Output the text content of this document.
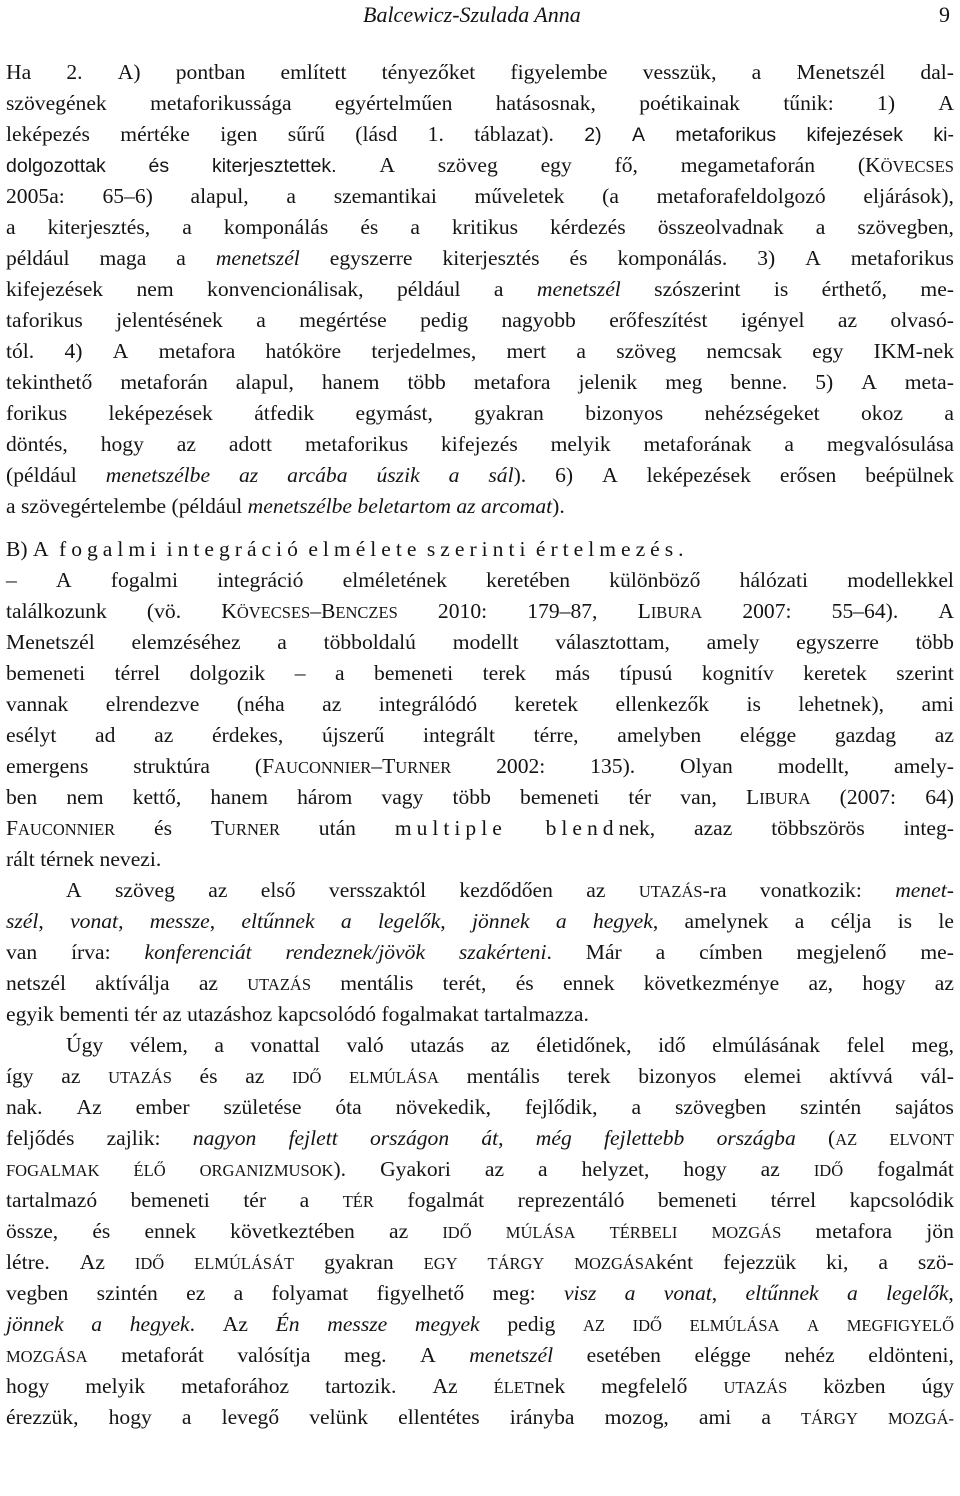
Balcewicz-Szulada Anna	9
Ha 2. A) pontban említett tényezőket figyelembe vesszük, a Menetszél dal-
szövegének metaforikussága egyértelműen hatásosnak, poétikainak tűnik: 1) A
leképezés mértéke igen sűrű (lásd 1. táblazat). 2) A metaforikus kifejezések ki-
dolgozottak és kiterjesztettek. A szöveg egy fő, megametaforán (KÖVECSES
2005a: 65–6) alapul, a szemantikai műveletek (a metaforafeldolgozó eljárások),
a kiterjesztés, a komponálás és a kritikus kérdezés összeolvadnak a szövegben,
például maga a menetszél egyszerre kiterjesztés és komponálás. 3) A metaforikus
kifejezések nem konvencionálisak, például a menetszél szószerint is érthető, me-
taforikus jelentésének a megértése pedig nagyobb erőfeszítést igényel az olvasó-
tól. 4) A metafora hatóköre terjedelmes, mert a szöveg nemcsak egy IKM-nek
tekinthető metaforán alapul, hanem több metafora jelenik meg benne. 5) A meta-
forikus leképezések átfedik egymást, gyakran bizonyos nehézségeket okoz a
döntés, hogy az adott metaforikus kifejezés melyik metaforának a megvalósulása
(például menetszélbe az arcába úszik a sál). 6) A leképezések erősen beépülnek
a szövegértelembe (például menetszélbe beletartom az arcomat).
B) A fogalmi integráció elmélete szerinti értelmezés.
– A fogalmi integráció elméletének keretében különböző hálózati modellekkel
találkozunk (vö. KÖVECSES–BENCZES 2010: 179–87, LIBURA 2007: 55–64). A
Menetszél elemzéséhez a többoldalú modellt választottam, amely egyszerre több
bemeneti térrel dolgozik – a bemeneti terek más típusú kognitív keretek szerint
vannak elrendezve (néha az integrálódó keretek ellenkezők is lehetnek), ami
esélyt ad az érdekes, újszerű integrált térre, amelyben elégge gazdag az
emergens struktúra (FAUCONNIER–TURNER 2002: 135). Olyan modellt, amely-
ben nem kettő, hanem három vagy több bemeneti tér van, LIBURA (2007: 64)
FAUCONNIER és TURNER után multiple blendnek, azaz többszörös integ-
rált térnek nevezi.
A szöveg az első versszaktól kezdődően az UTAZÁS-ra vonatkozik: menet-
szél, vonat, messze, eltűnnek a legelők, jönnek a hegyek, amelynek a célja is le
van írva: konferenciát rendeznek/jövök szakérteni. Már a címben megjelenő me-
netszél aktíválja az UTAZÁS mentális terét, és ennek következménye az, hogy az
egyik bementi tér az utazáshoz kapcsolódó fogalmakat tartalmazza.
Úgy vélem, a vonattal való utazás az életidőnek, idő elmúlásának felel meg,
így az UTAZÁS és az IDŐ ELMÚLÁSA mentális terek bizonyos elemei aktívvá vál-
nak. Az ember születése óta növekedik, fejlődik, a szövegben szintén sajátos
feljődés zajlik: nagyon fejlett országon át, még fejlettebb országba (AZ ELVONT
FOGALMAK ÉLŐ ORGANIZMUSOK). Gyakori az a helyzet, hogy az IDŐ fogalmát
tartalmazó bemeneti tér a TÉR fogalmát reprezentáló bemeneti térrel kapcsolódik
össze, és ennek következtében az IDŐ MÚLÁSA TÉRBELI MOZGÁS metafora jön
létre. Az IDŐ ELMÚLÁSÁT gyakran EGY TÁRGY MOZGÁSAként fejezzük ki, a szö-
vegben szintén ez a folyamat figyelhető meg: visz a vonat, eltűnnek a legelők,
jönnek a hegyek. Az Én messze megyek pedig AZ IDŐ ELMÚLÁSA A MEGFIGYELŐ
MOZGÁSA metaforát valósítja meg. A menetszél esetében elégge nehéz eldönteni,
hogy melyik metaforához tartozik. Az ÉLETnek megfelelő UTAZÁS közben úgy
érezzük, hogy a levegő velünk ellentétes irányba mozog, ami a TÁRGY MOZGÁ-
